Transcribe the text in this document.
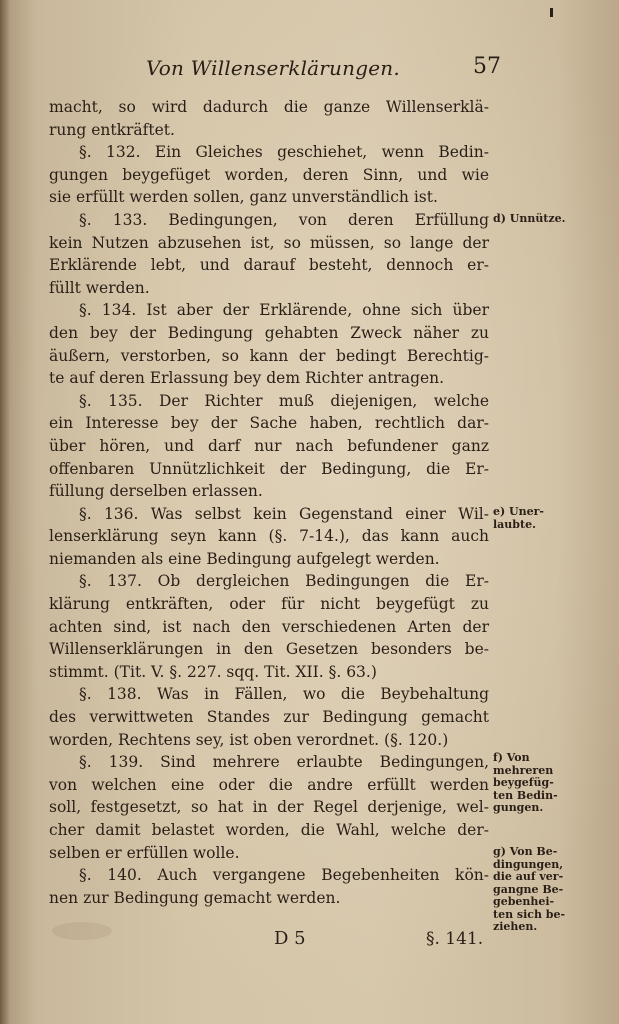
Von Willenserklärungen.	57
macht, so wird dadurch die ganze Willenserklä-
rung entkräftet.
§. 132. Ein Gleiches geschiehet, wenn Bedin-
gungen beygefüget worden, deren Sinn, und wie
sie erfüllt werden sollen, ganz unverständlich ist.
§. 133. Bedingungen, von deren Erfüllung
kein Nutzen abzusehen ist, so müssen, so lange der
Erklärende lebt, und darauf besteht, dennoch er-
füllt werden.
§. 134. Ist aber der Erklärende, ohne sich über
den bey der Bedingung gehabten Zweck näher zu
äußern, verstorben, so kann der bedingt Berechtig-
te auf deren Erlassung bey dem Richter antragen.
§. 135. Der Richter muß diejenigen, welche
ein Interesse bey der Sache haben, rechtlich dar-
über hören, und darf nur nach befundener ganz
offenbaren Unnützlichkeit der Bedingung, die Er-
füllung derselben erlassen.
§. 136. Was selbst kein Gegenstand einer Wil-
lenserklärung seyn kann (§. 7-14.), das kann auch
niemanden als eine Bedingung aufgelegt werden.
§. 137. Ob dergleichen Bedingungen die Er-
klärung entkräften, oder für nicht beygefügt zu
achten sind, ist nach den verschiedenen Arten der
Willenserklärungen in den Gesetzen besonders be-
stimmt. (Tit. V. §. 227. sqq. Tit. XII. §. 63.)
§. 138. Was in Fällen, wo die Beybehaltung
des verwittweten Standes zur Bedingung gemacht
worden, Rechtens sey, ist oben verordnet. (§. 120.)
§. 139. Sind mehrere erlaubte Bedingungen,
von welchen eine oder die andre erfüllt werden
soll, festgesetzt, so hat in der Regel derjenige, wel-
cher damit belastet worden, die Wahl, welche der-
selben er erfüllen wolle.
§. 140. Auch vergangene Begebenheiten kön-
nen zur Bedingung gemacht werden.
d) Unnütze.
e) Uner-
laubte.
f) Von
mehreren
beygefüg-
ten Bedin-
gungen.
g) Von Be-
dingungen,
die auf ver-
gangne Be-
gebenhei-
ten sich be-
ziehen.
D 5	§. 141.
